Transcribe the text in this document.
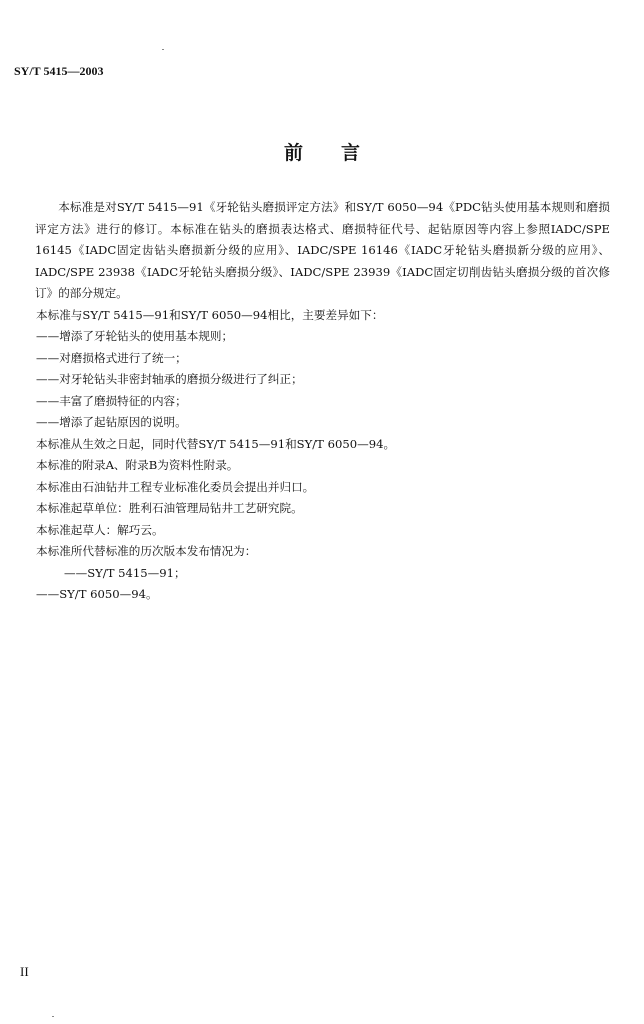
SY/T 5415—2003
前言

本标准是对SY/T 5415—91《牙轮钻头磨损评定方法》和SY/T 6050—94《PDC钻头使用基本规则和磨损评定方法》进行的修订。本标准在钻头的磨损表达格式、磨损特征代号、起钻原因等内容上参照IADC/SPE 16145《IADC固定齿钻头磨损新分级的应用》、IADC/SPE 16146《IADC牙轮钻头磨损新分级的应用》、IADC/SPE 23938《IADC牙轮钻头磨损分级》、IADC/SPE 23939《IADC固定切削齿钻头磨损分级的首次修订》的部分规定。

本标准与SY/T 5415—91和SY/T 6050—94相比，主要差异如下：

——增添了牙轮钻头的使用基本规则；

——对磨损格式进行了统一；

——对牙轮钻头非密封轴承的磨损分级进行了纠正；

——丰富了磨损特征的内容；

——增添了起钻原因的说明。

本标准从生效之日起，同时代替SY/T 5415—91和SY/T 6050—94。

本标准的附录A、附录B为资料性附录。

本标准由石油钻井工程专业标准化委员会提出并归口。

本标准起草单位：胜利石油管理局钻井工艺研究院。

本标准起草人：解巧云。

本标准所代替标准的历次版本发布情况为：

——SY/T 5415—91；

——SY/T 6050—94。

II
